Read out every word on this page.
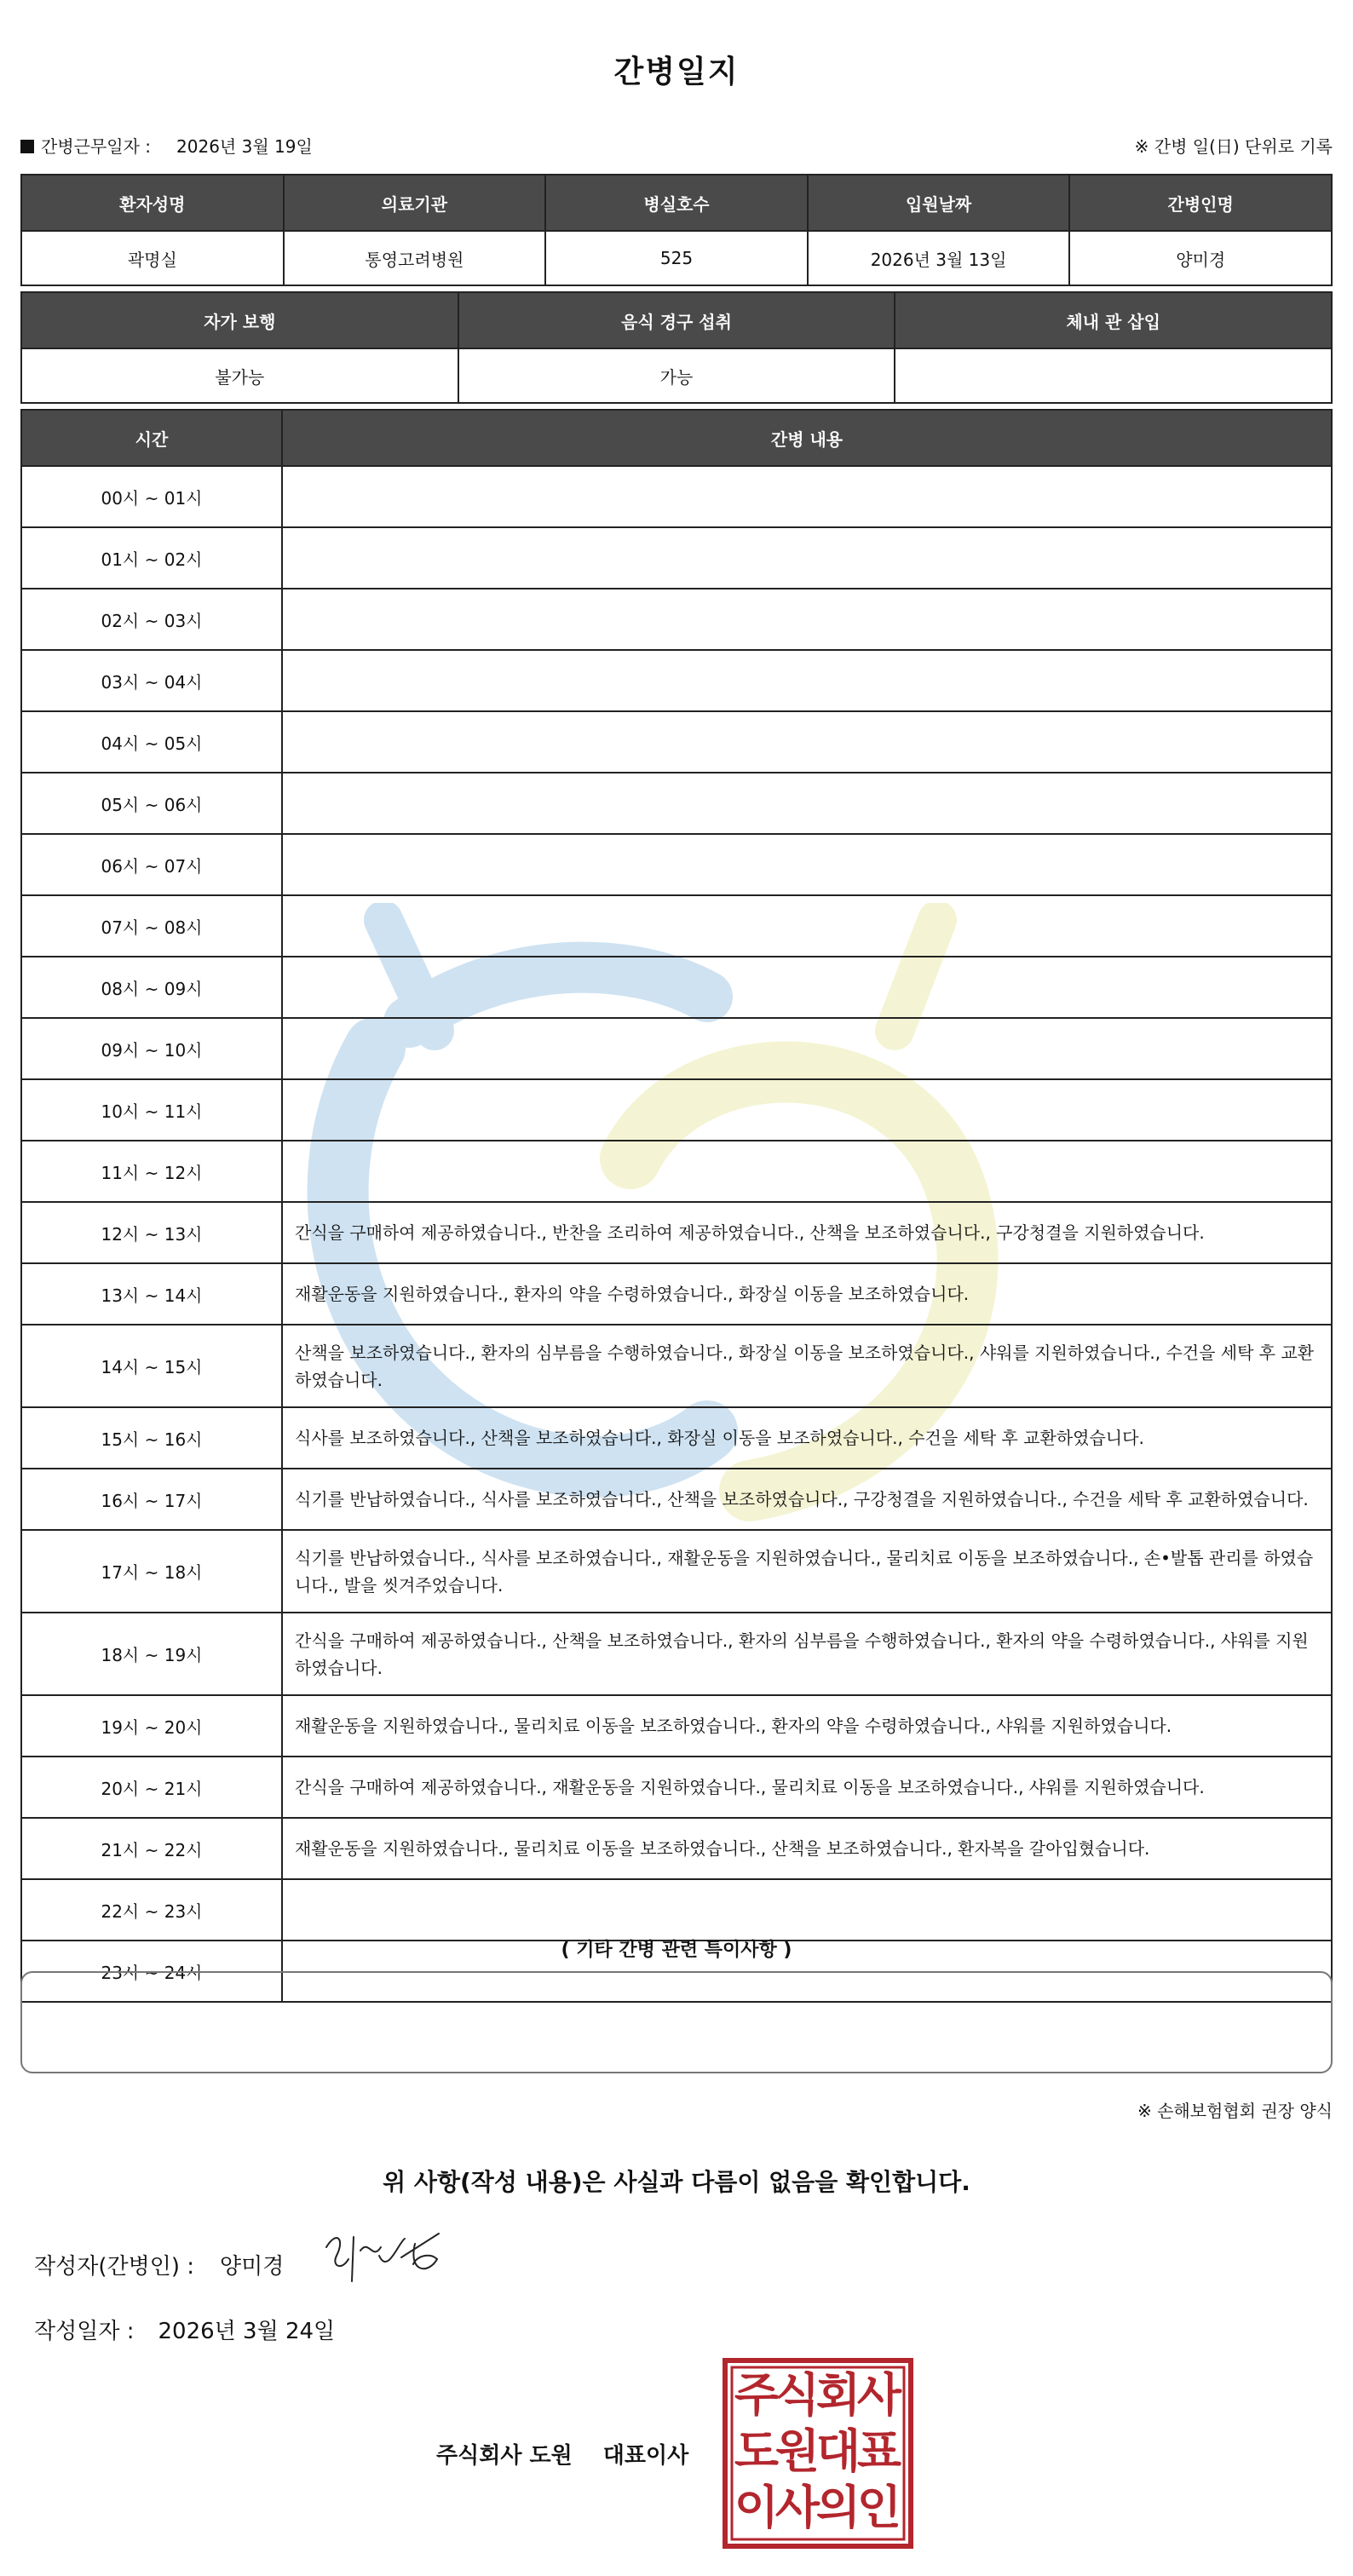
간병일지
간병근무일자 : 2026년 3월 19일	※ 간병 일(日) 단위로 기록
환자성명	의료기관	병실호수	입원날짜	간병인명
곽명실	통영고려병원	525	2026년 3월 13일	양미경
자가 보행	음식 경구 섭취	체내 관 삽입
불가능	가능	
시간	간병 내용
00시 ~ 01시	
01시 ~ 02시	
02시 ~ 03시	
03시 ~ 04시	
04시 ~ 05시	
05시 ~ 06시	
06시 ~ 07시	
07시 ~ 08시	
08시 ~ 09시	
09시 ~ 10시	
10시 ~ 11시	
11시 ~ 12시	
12시 ~ 13시	간식을 구매하여 제공하였습니다., 반찬을 조리하여 제공하였습니다., 산책을 보조하였습니다., 구강청결을 지원하였습니다.
13시 ~ 14시	재활운동을 지원하였습니다., 환자의 약을 수령하였습니다., 화장실 이동을 보조하였습니다.
14시 ~ 15시	산책을 보조하였습니다., 환자의 심부름을 수행하였습니다., 화장실 이동을 보조하였습니다., 샤워를 지원하였습니다., 수건을 세탁 후 교환하였습니다.
15시 ~ 16시	식사를 보조하였습니다., 산책을 보조하였습니다., 화장실 이동을 보조하였습니다., 수건을 세탁 후 교환하였습니다.
16시 ~ 17시	식기를 반납하였습니다., 식사를 보조하였습니다., 산책을 보조하였습니다., 구강청결을 지원하였습니다., 수건을 세탁 후 교환하였습니다.
17시 ~ 18시	식기를 반납하였습니다., 식사를 보조하였습니다., 재활운동을 지원하였습니다., 물리치료 이동을 보조하였습니다., 손•발톱 관리를 하였습니다., 발을 씻겨주었습니다.
18시 ~ 19시	간식을 구매하여 제공하였습니다., 산책을 보조하였습니다., 환자의 심부름을 수행하였습니다., 환자의 약을 수령하였습니다., 샤워를 지원하였습니다.
19시 ~ 20시	재활운동을 지원하였습니다., 물리치료 이동을 보조하였습니다., 환자의 약을 수령하였습니다., 샤워를 지원하였습니다.
20시 ~ 21시	간식을 구매하여 제공하였습니다., 재활운동을 지원하였습니다., 물리치료 이동을 보조하였습니다., 샤워를 지원하였습니다.
21시 ~ 22시	재활운동을 지원하였습니다., 물리치료 이동을 보조하였습니다., 산책을 보조하였습니다., 환자복을 갈아입혔습니다.
22시 ~ 23시	
23시 ~ 24시	
( 기타 간병 관련 특이사항 )
※ 손해보험협회 권장 양식
위 사항(작성 내용)은 사실과 다름이 없음을 확인합니다.
작성자(간병인) : 양미경
작성일자 : 2026년 3월 24일
주식회사 도원 대표이사
주
식
회
사
도
원
대
표
이
사
의
인
